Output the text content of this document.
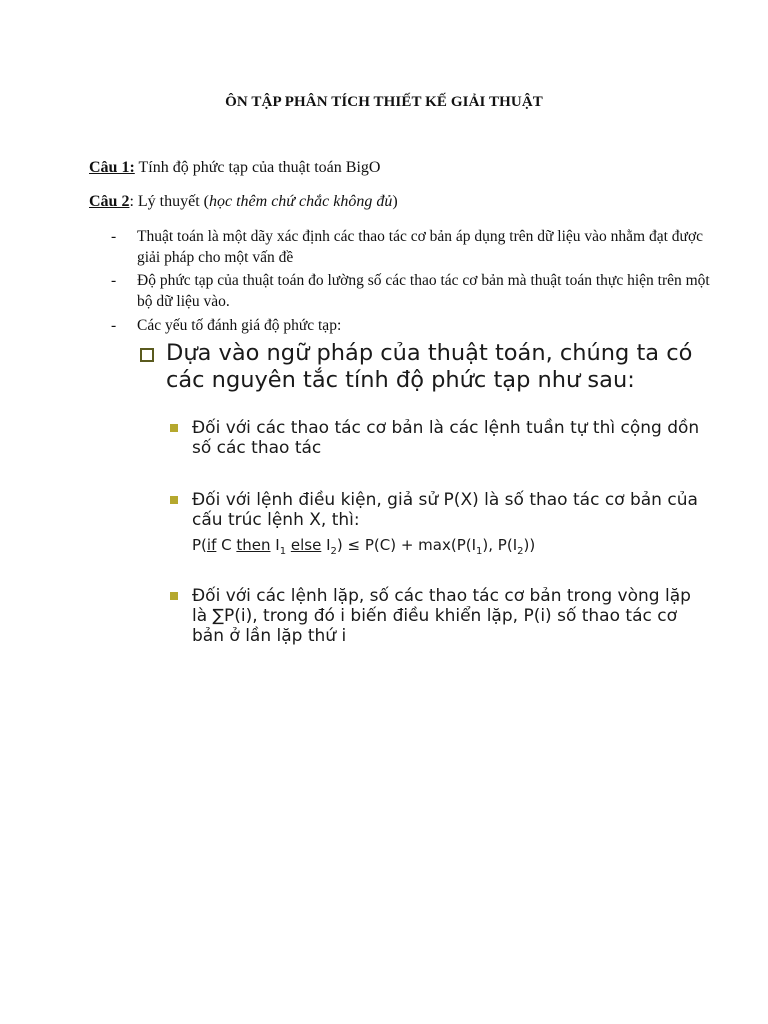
ÔN TẬP PHÂN TÍCH THIẾT KẾ GIẢI THUẬT
Câu 1: Tính độ phức tạp của thuật toán BigO
Câu 2: Lý thuyết (học thêm chứ chắc không đủ)
-	Thuật toán là một dãy xác định các thao tác cơ bản áp dụng trên dữ liệu vào nhằm đạt được giải pháp cho một vấn đề
-	Độ phức tạp của thuật toán đo lường số các thao tác cơ bản mà thuật toán thực hiện trên một bộ dữ liệu vào.
-	Các yếu tố đánh giá độ phức tạp:
Dựa vào ngữ pháp của thuật toán, chúng ta có các nguyên tắc tính độ phức tạp như sau:
Đối với các thao tác cơ bản là các lệnh tuần tự thì cộng dồn số các thao tác
Đối với lệnh điều kiện, giả sử P(X) là số thao tác cơ bản của cấu trúc lệnh X, thì:
P(if C then $I_1$ else $I_2) \le P(C) + \max(P(I_1)$, $P(I_2)$)
Đối với các lệnh lặp, số các thao tác cơ bản trong vòng lặp là ∑P(i), trong đó i biến điều khiển lặp, P(i) số thao tác cơ bản ở lần lặp thứ i
